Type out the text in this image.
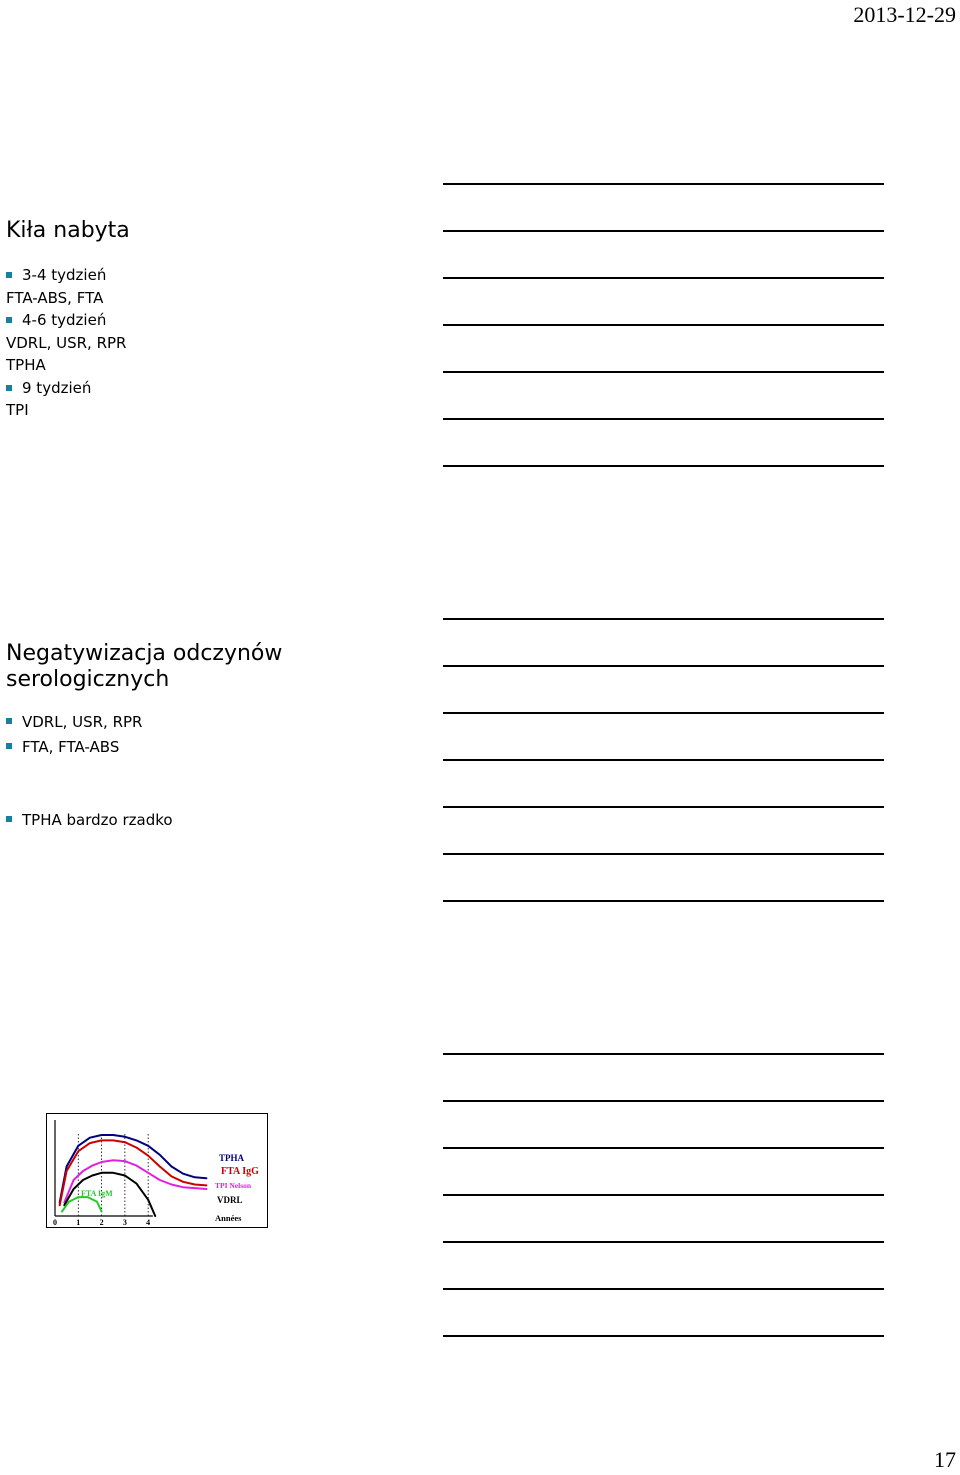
2013-12-29
Kiła nabyta
3-4 tydzień
FTA-ABS, FTA
4-6 tydzień
VDRL, USR, RPR
TPHA
9 tydzień
TPI
Negatywizacja odczynów
serologicznych
VDRL, USR, RPR
FTA, FTA-ABS
TPHA bardzo rzadko
0 1 2 3 4
TPHA
FTA IgG
TPI Nelson
VDRL
FTA IgM
Années
17
